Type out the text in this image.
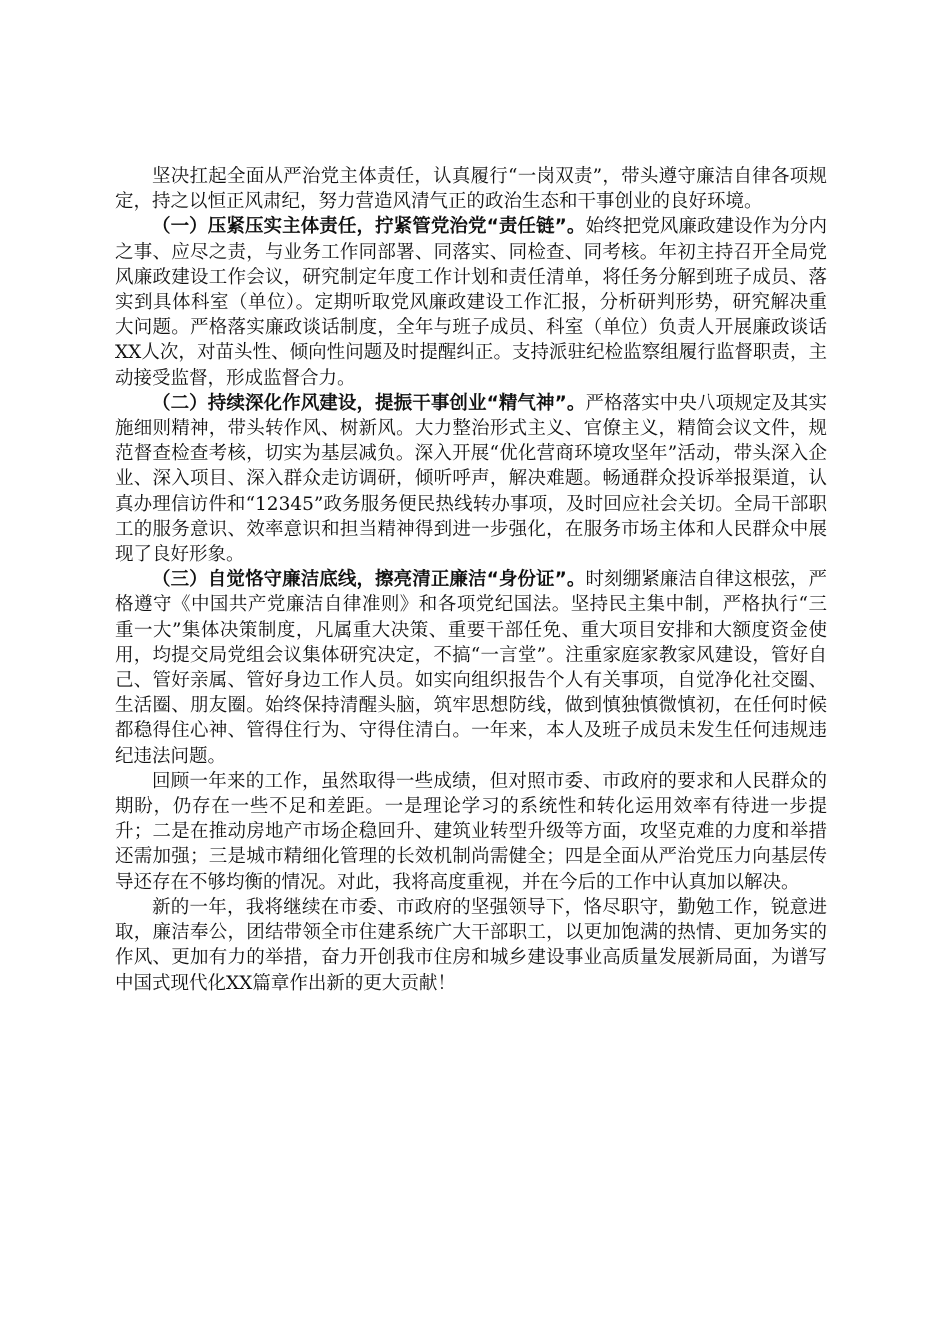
坚决扛起全面从严治党主体责任，认真履行“一岗双责”，带头遵守廉洁自律各项规定，持之以恒正风肃纪，努力营造风清气正的政治生态和干事创业的良好环境。

（一）压紧压实主体责任，拧紧管党治党“责任链”。始终把党风廉政建设作为分内之事、应尽之责，与业务工作同部署、同落实、同检查、同考核。年初主持召开全局党风廉政建设工作会议，研究制定年度工作计划和责任清单，将任务分解到班子成员、落实到具体科室（单位）。定期听取党风廉政建设工作汇报，分析研判形势，研究解决重大问题。严格落实廉政谈话制度，全年与班子成员、科室（单位）负责人开展廉政谈话XX人次，对苗头性、倾向性问题及时提醒纠正。支持派驻纪检监察组履行监督职责，主动接受监督，形成监督合力。

（二）持续深化作风建设，提振干事创业“精气神”。严格落实中央八项规定及其实施细则精神，带头转作风、树新风。大力整治形式主义、官僚主义，精简会议文件，规范督查检查考核，切实为基层减负。深入开展“优化营商环境攻坚年”活动，带头深入企业、深入项目、深入群众走访调研，倾听呼声，解决难题。畅通群众投诉举报渠道，认真办理信访件和“12345”政务服务便民热线转办事项，及时回应社会关切。全局干部职工的服务意识、效率意识和担当精神得到进一步强化，在服务市场主体和人民群众中展现了良好形象。

（三）自觉恪守廉洁底线，擦亮清正廉洁“身份证”。时刻绷紧廉洁自律这根弦，严格遵守《中国共产党廉洁自律准则》和各项党纪国法。坚持民主集中制，严格执行“三重一大”集体决策制度，凡属重大决策、重要干部任免、重大项目安排和大额度资金使用，均提交局党组会议集体研究决定，不搞“一言堂”。注重家庭家教家风建设，管好自己、管好亲属、管好身边工作人员。如实向组织报告个人有关事项，自觉净化社交圈、生活圈、朋友圈。始终保持清醒头脑，筑牢思想防线，做到慎独慎微慎初，在任何时候都稳得住心神、管得住行为、守得住清白。一年来，本人及班子成员未发生任何违规违纪违法问题。

回顾一年来的工作，虽然取得一些成绩，但对照市委、市政府的要求和人民群众的期盼，仍存在一些不足和差距。一是理论学习的系统性和转化运用效率有待进一步提升；二是在推动房地产市场企稳回升、建筑业转型升级等方面，攻坚克难的力度和举措还需加强；三是城市精细化管理的长效机制尚需健全；四是全面从严治党压力向基层传导还存在不够均衡的情况。对此，我将高度重视，并在今后的工作中认真加以解决。

新的一年，我将继续在市委、市政府的坚强领导下，恪尽职守，勤勉工作，锐意进取，廉洁奉公，团结带领全市住建系统广大干部职工，以更加饱满的热情、更加务实的作风、更加有力的举措，奋力开创我市住房和城乡建设事业高质量发展新局面，为谱写中国式现代化XX篇章作出新的更大贡献！
